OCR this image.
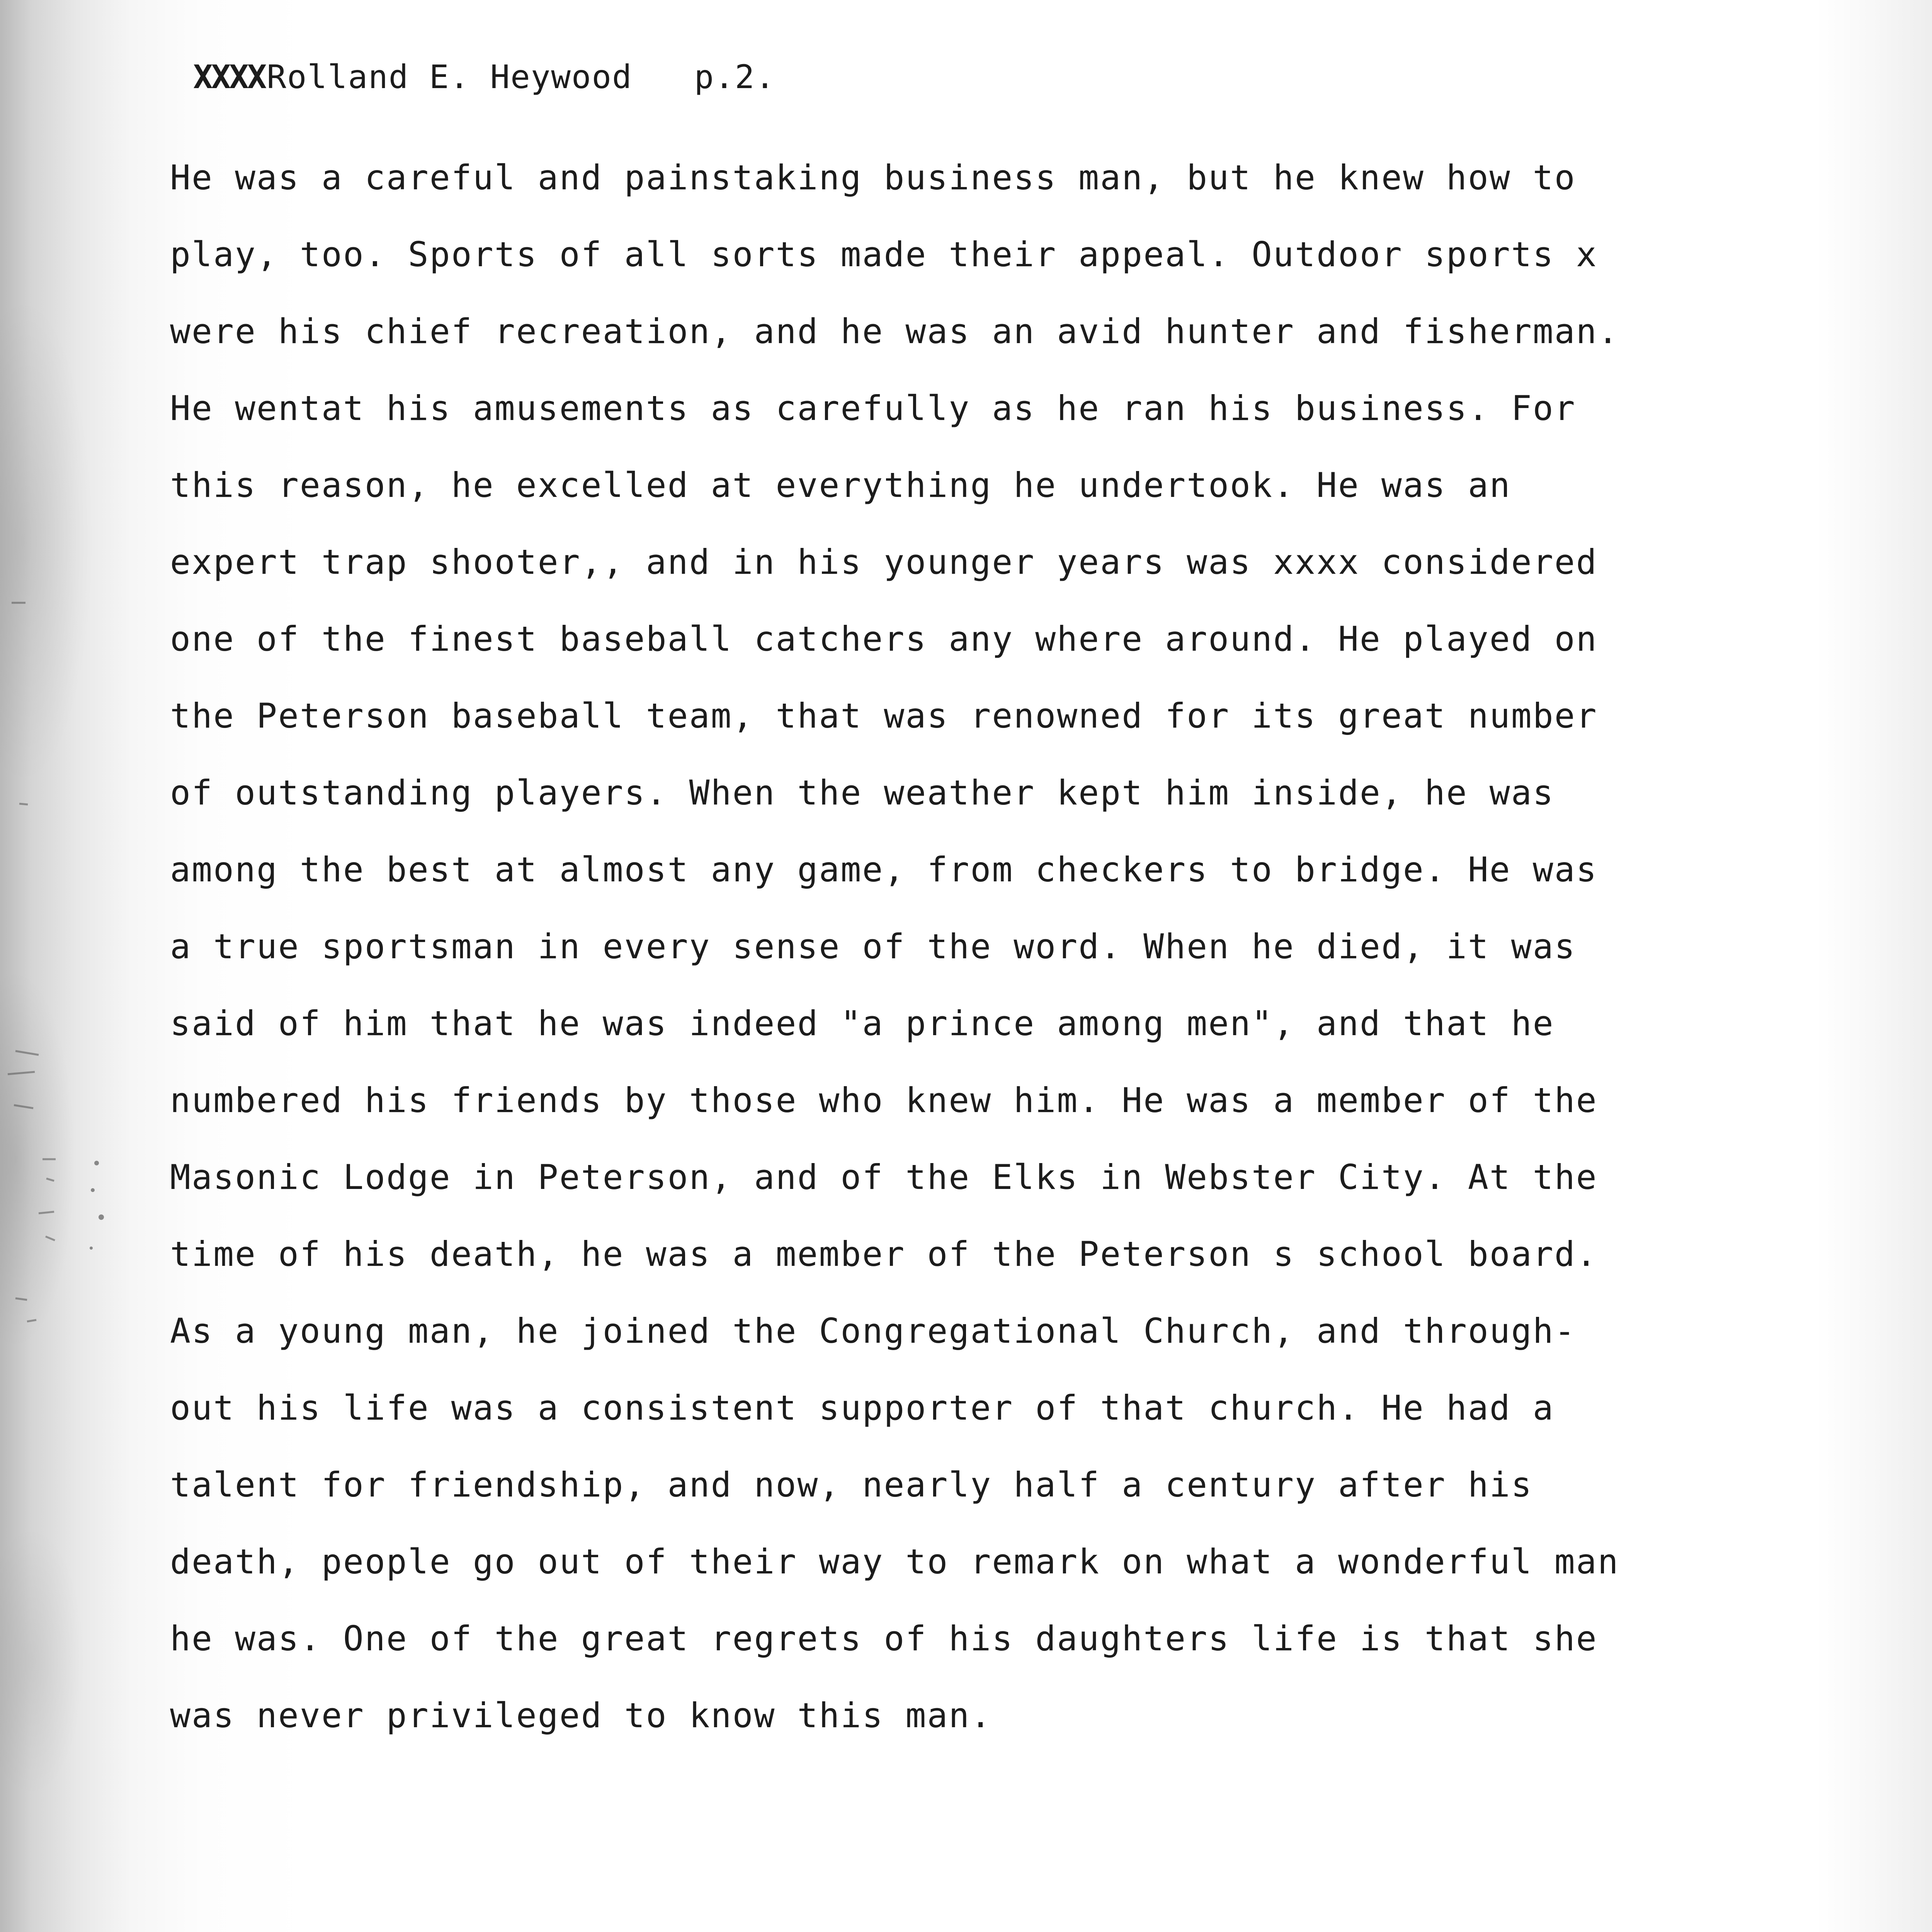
XXXXRolland E. Heywood p.2.
He was a careful and painstaking business man, but he knew how to
play, too. Sports of all sorts made their appeal. Outdoor sports x
were his chief recreation, and he was an avid hunter and fisherman.
He wentat his amusements as carefully as he ran his business. For
this reason, he excelled at everything he undertook. He was an
expert trap shooter,, and in his younger years was xxxx considered
one of the finest baseball catchers any where around. He played on
the Peterson baseball team, that was renowned for its great number
of outstanding players. When the weather kept him inside, he was
among the best at almost any game, from checkers to bridge. He was
a true sportsman in every sense of the word. When he died, it was
said of him that he was indeed "a prince among men", and that he
numbered his friends by those who knew him. He was a member of the
Masonic Lodge in Peterson, and of the Elks in Webster City. At the
time of his death, he was a member of the Peterson s school board.
As a young man, he joined the Congregational Church, and through-
out his life was a consistent supporter of that church. He had a
talent for friendship, and now, nearly half a century after his
death, people go out of their way to remark on what a wonderful man
he was. One of the great regrets of his daughters life is that she
was never privileged to know this man.
